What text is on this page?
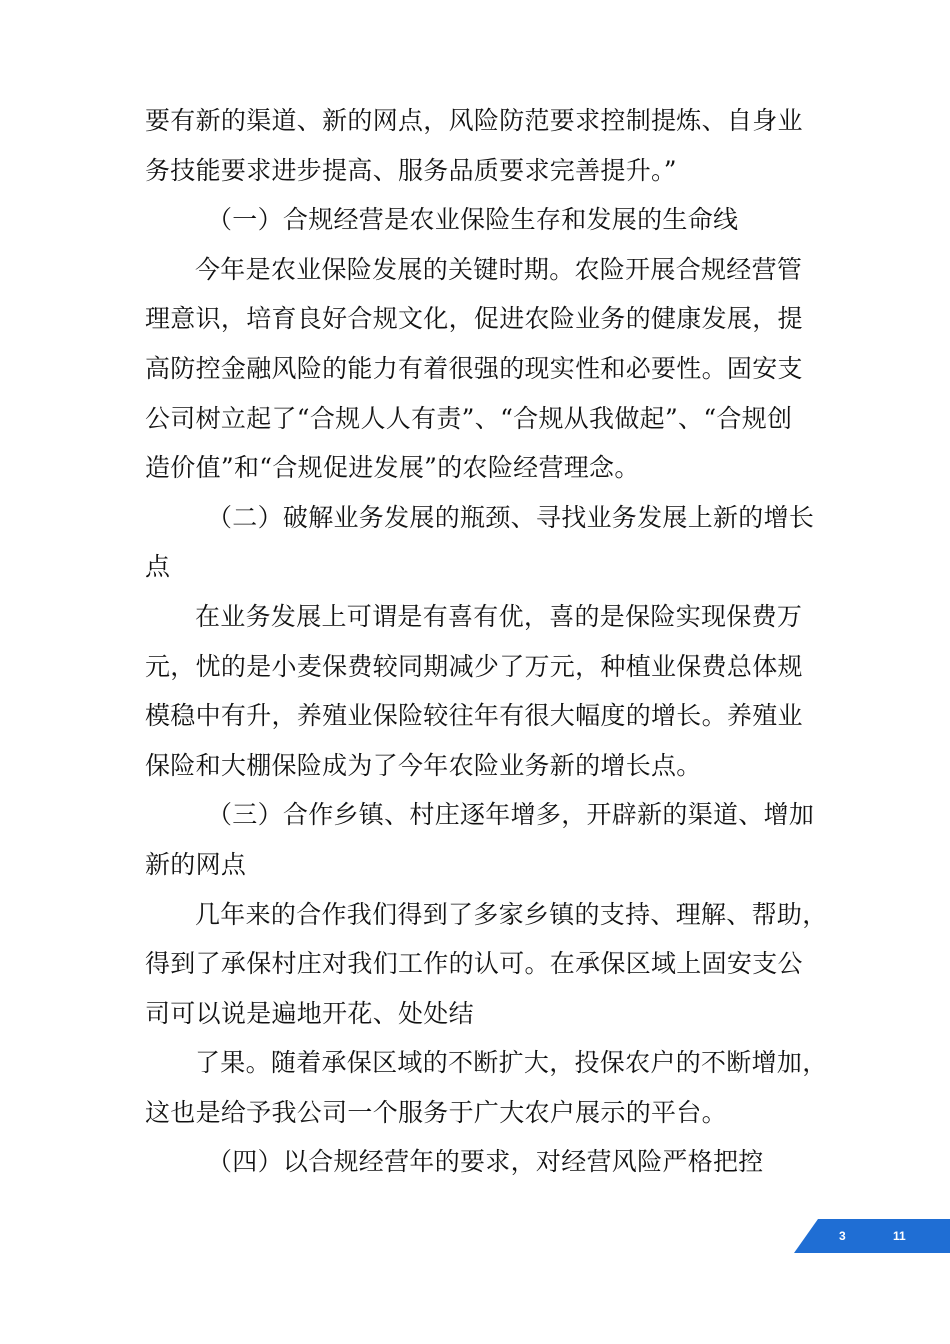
要有新的渠道、新的网点，风险防范要求控制提炼、自身业
务技能要求进步提高、服务品质要求完善提升。”
（一）合规经营是农业保险生存和发展的生命线
今年是农业保险发展的关键时期。农险开展合规经营管
理意识，培育良好合规文化，促进农险业务的健康发展，提
高防控金融风险的能力有着很强的现实性和必要性。固安支
公司树立起了“合规人人有责”、“合规从我做起”、“合规创
造价值”和“合规促进发展”的农险经营理念。
（二）破解业务发展的瓶颈、寻找业务发展上新的增长
点
在业务发展上可谓是有喜有优，喜的是保险实现保费万
元，忧的是小麦保费较同期减少了万元，种植业保费总体规
模稳中有升，养殖业保险较往年有很大幅度的增长。养殖业
保险和大棚保险成为了今年农险业务新的增长点。
（三）合作乡镇、村庄逐年增多，开辟新的渠道、增加
新的网点
几年来的合作我们得到了多家乡镇的支持、理解、帮助，
得到了承保村庄对我们工作的认可。在承保区域上固安支公
司可以说是遍地开花、处处结
了果。随着承保区域的不断扩大，投保农户的不断增加，
这也是给予我公司一个服务于广大农户展示的平台。
（四）以合规经营年的要求，对经营风险严格把控
3	11
